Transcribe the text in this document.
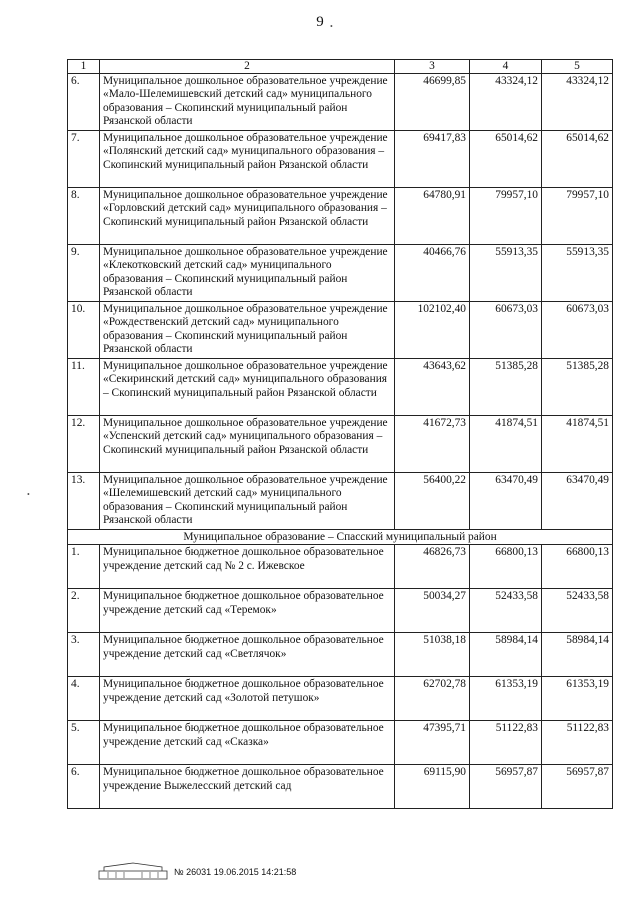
9 •
•
1	2	3	4	5
6.	Муниципальное дошкольное образовательное учреждение «Мало-Шелемишевский детский сад» муниципального образования – Скопинский муниципальный район Рязанской области	46699,85	43324,12	43324,12
7.	Муниципальное дошкольное образовательное учреждение «Полянский детский сад» муниципального образования – Скопинский муниципальный район Рязанской области	69417,83	65014,62	65014,62
8.	Муниципальное дошкольное образовательное учреждение «Горловский детский сад» муниципального образования – Скопинский муниципальный район Рязанской области	64780,91	79957,10	79957,10
9.	Муниципальное дошкольное образовательное учреждение «Клекотковский детский сад» муниципального образования – Скопинский муниципальный район Рязанской области	40466,76	55913,35	55913,35
10.	Муниципальное дошкольное образовательное учреждение «Рождественский детский сад» муниципального образования – Скопинский муниципальный район Рязанской области	102102,40	60673,03	60673,03
11.	Муниципальное дошкольное образовательное учреждение «Секиринский детский сад» муниципального образования – Скопинский муниципальный район Рязанской области	43643,62	51385,28	51385,28
12.	Муниципальное дошкольное образовательное учреждение «Успенский детский сад» муниципального образования – Скопинский муниципальный район Рязанской области	41672,73	41874,51	41874,51
13.	Муниципальное дошкольное образовательное учреждение «Шелемишевский детский сад» муниципального образования – Скопинский муниципальный район Рязанской области	56400,22	63470,49	63470,49
Муниципальное образование – Спасский муниципальный район				
1.	Муниципальное бюджетное дошкольное образовательное учреждение детский сад № 2 с. Ижевское	46826,73	66800,13	66800,13
2.	Муниципальное бюджетное дошкольное образовательное учреждение детский сад «Теремок»	50034,27	52433,58	52433,58
3.	Муниципальное бюджетное дошкольное образовательное учреждение детский сад «Светлячок»	51038,18	58984,14	58984,14
4.	Муниципальное бюджетное дошкольное образовательное учреждение детский сад «Золотой петушок»	62702,78	61353,19	61353,19
5.	Муниципальное бюджетное дошкольное образовательное учреждение детский сад «Сказка»	47395,71	51122,83	51122,83
6.	Муниципальное бюджетное дошкольное образовательное учреждение Выжелесский детский сад	69115,90	56957,87	56957,87
№ 26031 19.06.2015 14:21:58
